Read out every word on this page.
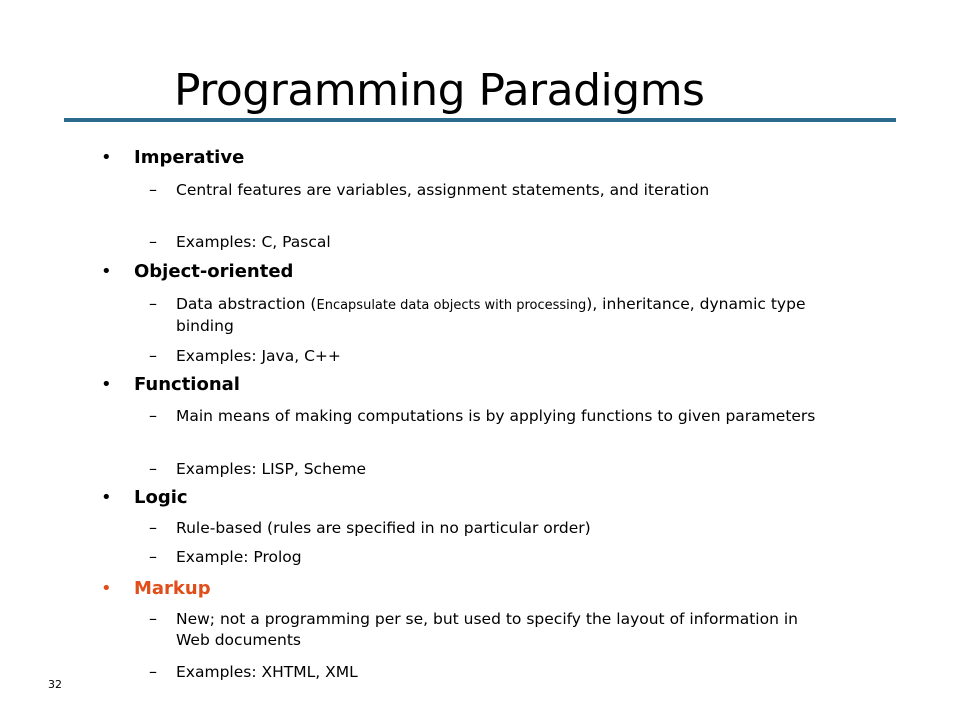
Programming Paradigms
• Imperative
– Central features are variables, assignment statements, and iteration
– Examples: C, Pascal
• Object-oriented
– Data abstraction (Encapsulate data objects with processing), inheritance, dynamic type binding
– Examples: Java, C++
• Functional
– Main means of making computations is by applying functions to given parameters
– Examples: LISP, Scheme
• Logic
– Rule-based (rules are specified in no particular order)
– Example: Prolog
• Markup
– New; not a programming per se, but used to specify the layout of information in Web documents
– Examples: XHTML, XML
32
